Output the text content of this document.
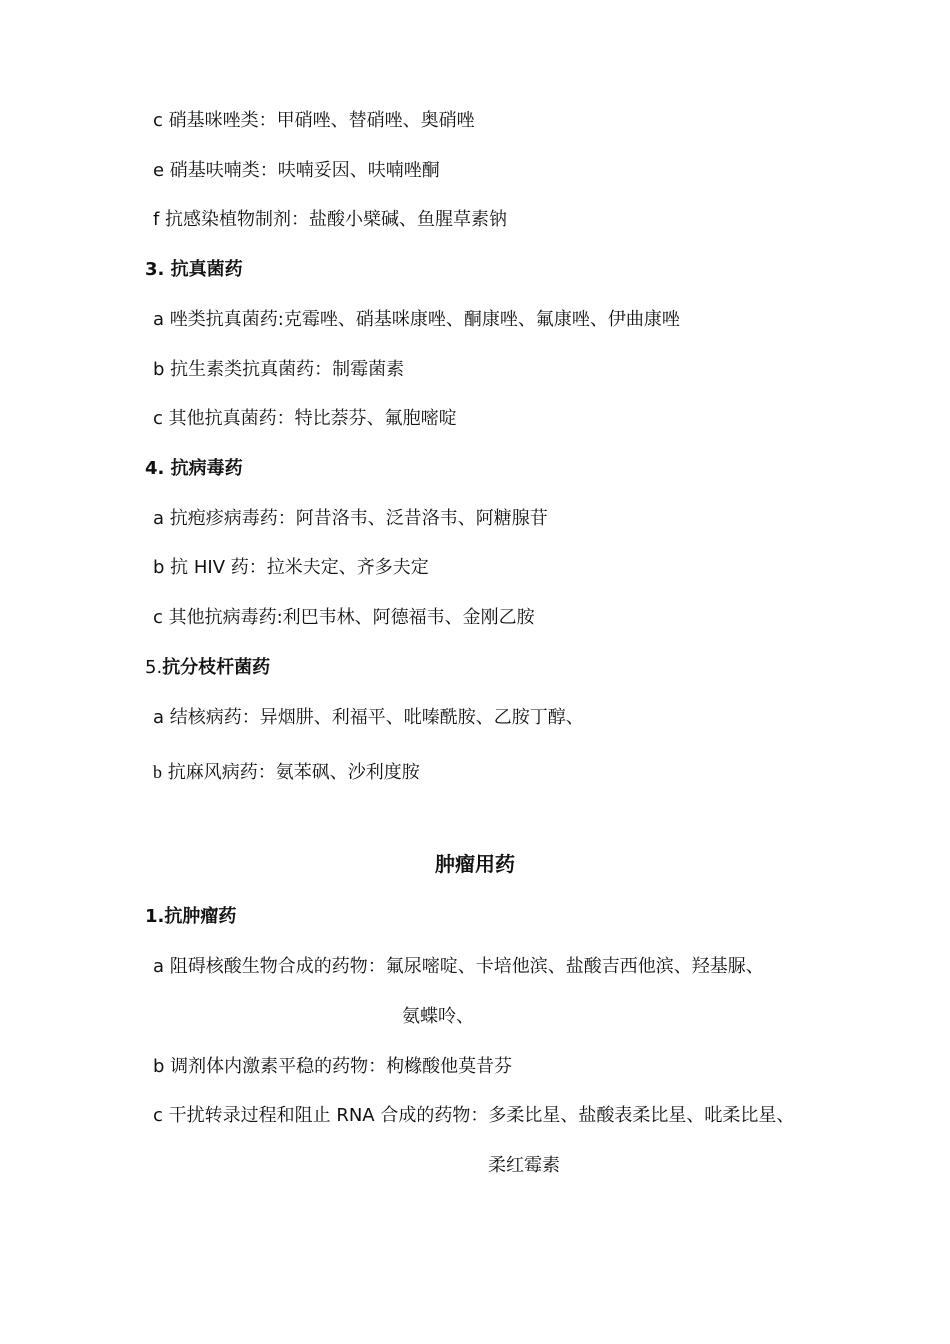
c 硝基咪唑类：甲硝唑、替硝唑、奥硝唑
e 硝基呋喃类：呋喃妥因、呋喃唑酮
f 抗感染植物制剂：盐酸小檗碱、鱼腥草素钠
3. 抗真菌药
a 唑类抗真菌药:克霉唑、硝基咪康唑、酮康唑、氟康唑、伊曲康唑
b 抗生素类抗真菌药：制霉菌素
c 其他抗真菌药：特比萘芬、氟胞嘧啶
4. 抗病毒药
a 抗疱疹病毒药：阿昔洛韦、泛昔洛韦、阿糖腺苷
b 抗 HIV 药：拉米夫定、齐多夫定
c 其他抗病毒药:利巴韦林、阿德福韦、金刚乙胺
5.抗分枝杆菌药
a 结核病药：异烟肼、利福平、吡嗪酰胺、乙胺丁醇、
b 抗麻风病药：氨苯砜、沙利度胺
肿瘤用药
1.抗肿瘤药
a 阻碍核酸生物合成的药物：氟尿嘧啶、卡培他滨、盐酸吉西他滨、羟基脲、
氨蝶呤、
b 调剂体内激素平稳的药物：枸橼酸他莫昔芬
c 干扰转录过程和阻止 RNA 合成的药物：多柔比星、盐酸表柔比星、吡柔比星、
柔红霉素
